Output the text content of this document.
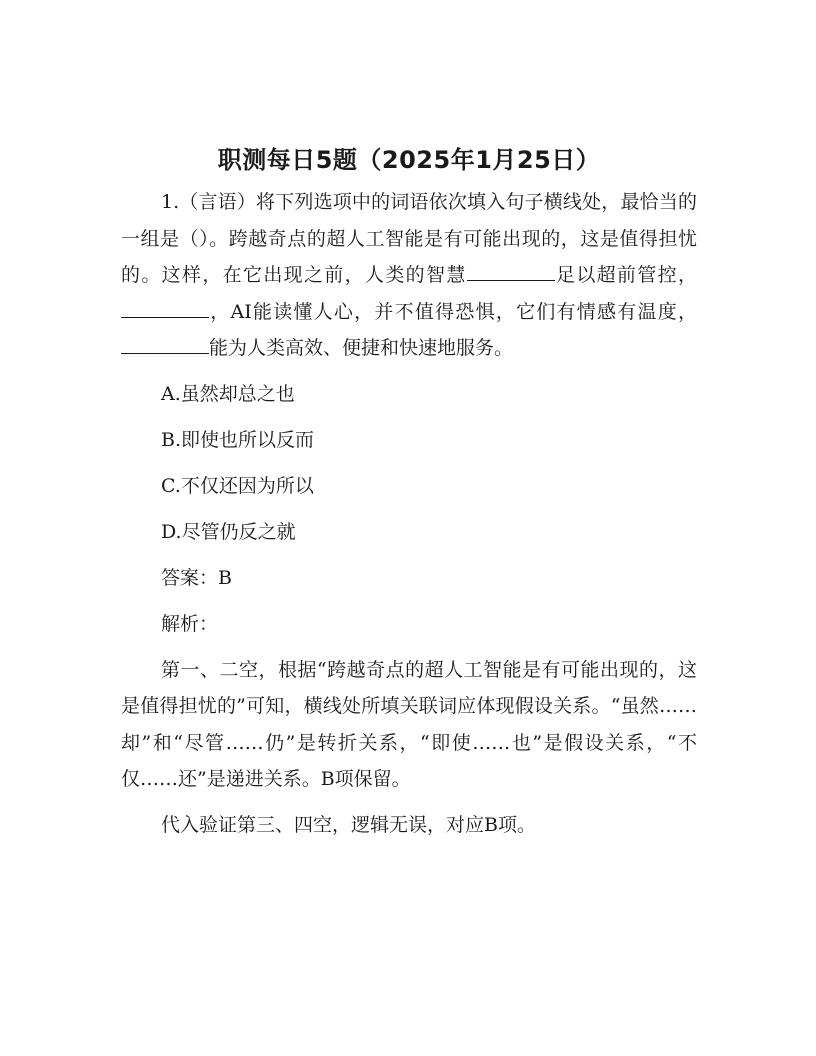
职测每日5题（2025年1月25日）

1.（言语）将下列选项中的词语依次填入句子横线处，最恰当的一组是（）。跨越奇点的超人工智能是有可能出现的，这是值得担忧的。这样，在它出现之前，人类的智慧	足以超前管控，，AI能读懂人心，并不值得恐惧，它们有情感有温度，能为人类高效、便捷和快速地服务。

A.虽然却总之也
B.即使也所以反而
C.不仅还因为所以
D.尽管仍反之就
答案：B
解析：

第一、二空，根据“跨越奇点的超人工智能是有可能出现的，这是值得担忧的”可知，横线处所填关联词应体现假设关系。“虽然……却”和“尽管……仍”是转折关系，“即使……也”是假设关系，“不仅……还”是递进关系。B项保留。

代入验证第三、四空，逻辑无误，对应B项。
